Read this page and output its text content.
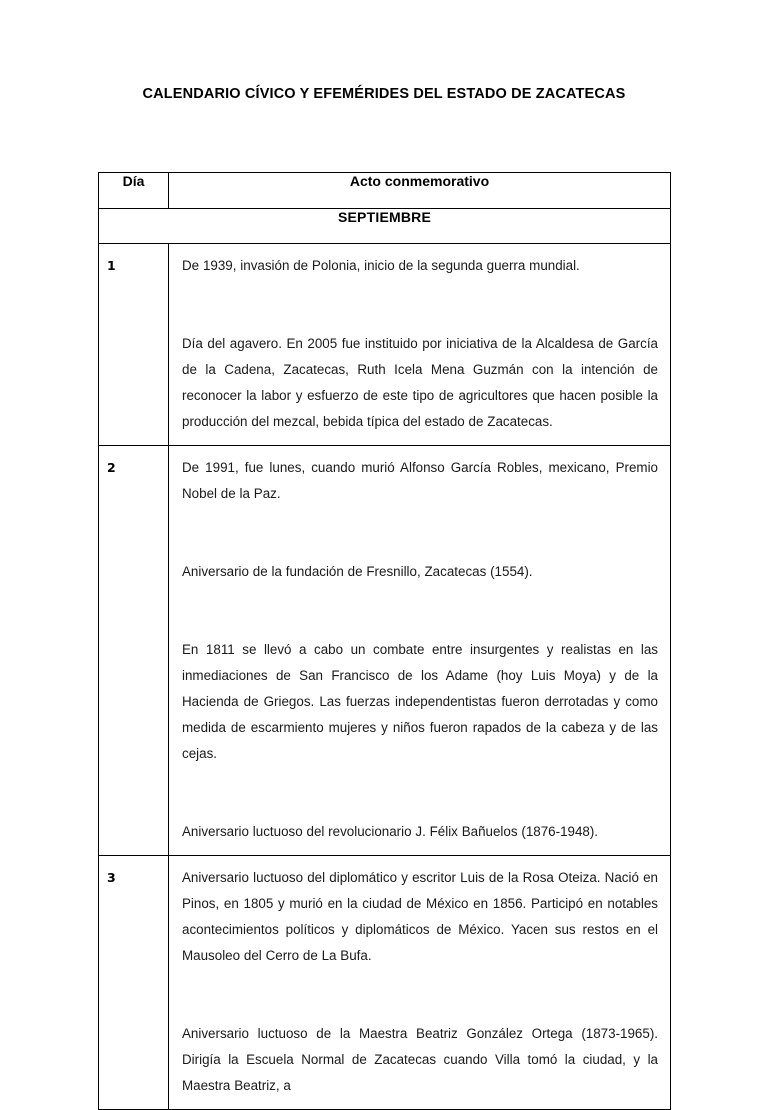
CALENDARIO CÍVICO Y EFEMÉRIDES DEL ESTADO DE ZACATECAS
Día	Acto conmemorativo
SEPTIEMBRE	
1	De 1939, invasión de Polonia, inicio de la segunda guerra mundial.

Día del agavero. En 2005 fue instituido por iniciativa de la Alcaldesa de García de la Cadena, Zacatecas, Ruth Icela Mena Guzmán con la intención de reconocer la labor y esfuerzo de este tipo de agricultores que hacen posible la producción del mezcal, bebida típica del estado de Zacatecas.

2	De 1991, fue lunes, cuando murió Alfonso García Robles, mexicano, Premio Nobel de la Paz.

Aniversario de la fundación de Fresnillo, Zacatecas (1554).

En 1811 se llevó a cabo un combate entre insurgentes y realistas en las inmediaciones de San Francisco de los Adame (hoy Luis Moya) y de la Hacienda de Griegos. Las fuerzas independentistas fueron derrotadas y como medida de escarmiento mujeres y niños fueron rapados de la cabeza y de las cejas.

Aniversario luctuoso del revolucionario J. Félix Bañuelos (1876-1948).

3	Aniversario luctuoso del diplomático y escritor Luis de la Rosa Oteiza. Nació en Pinos, en 1805 y murió en la ciudad de México en 1856. Participó en notables acontecimientos políticos y diplomáticos de México. Yacen sus restos en el Mausoleo del Cerro de La Bufa.

Aniversario luctuoso de la Maestra Beatriz González Ortega (1873-1965). Dirigía la Escuela Normal de Zacatecas cuando Villa tomó la ciudad, y la Maestra Beatriz, a
